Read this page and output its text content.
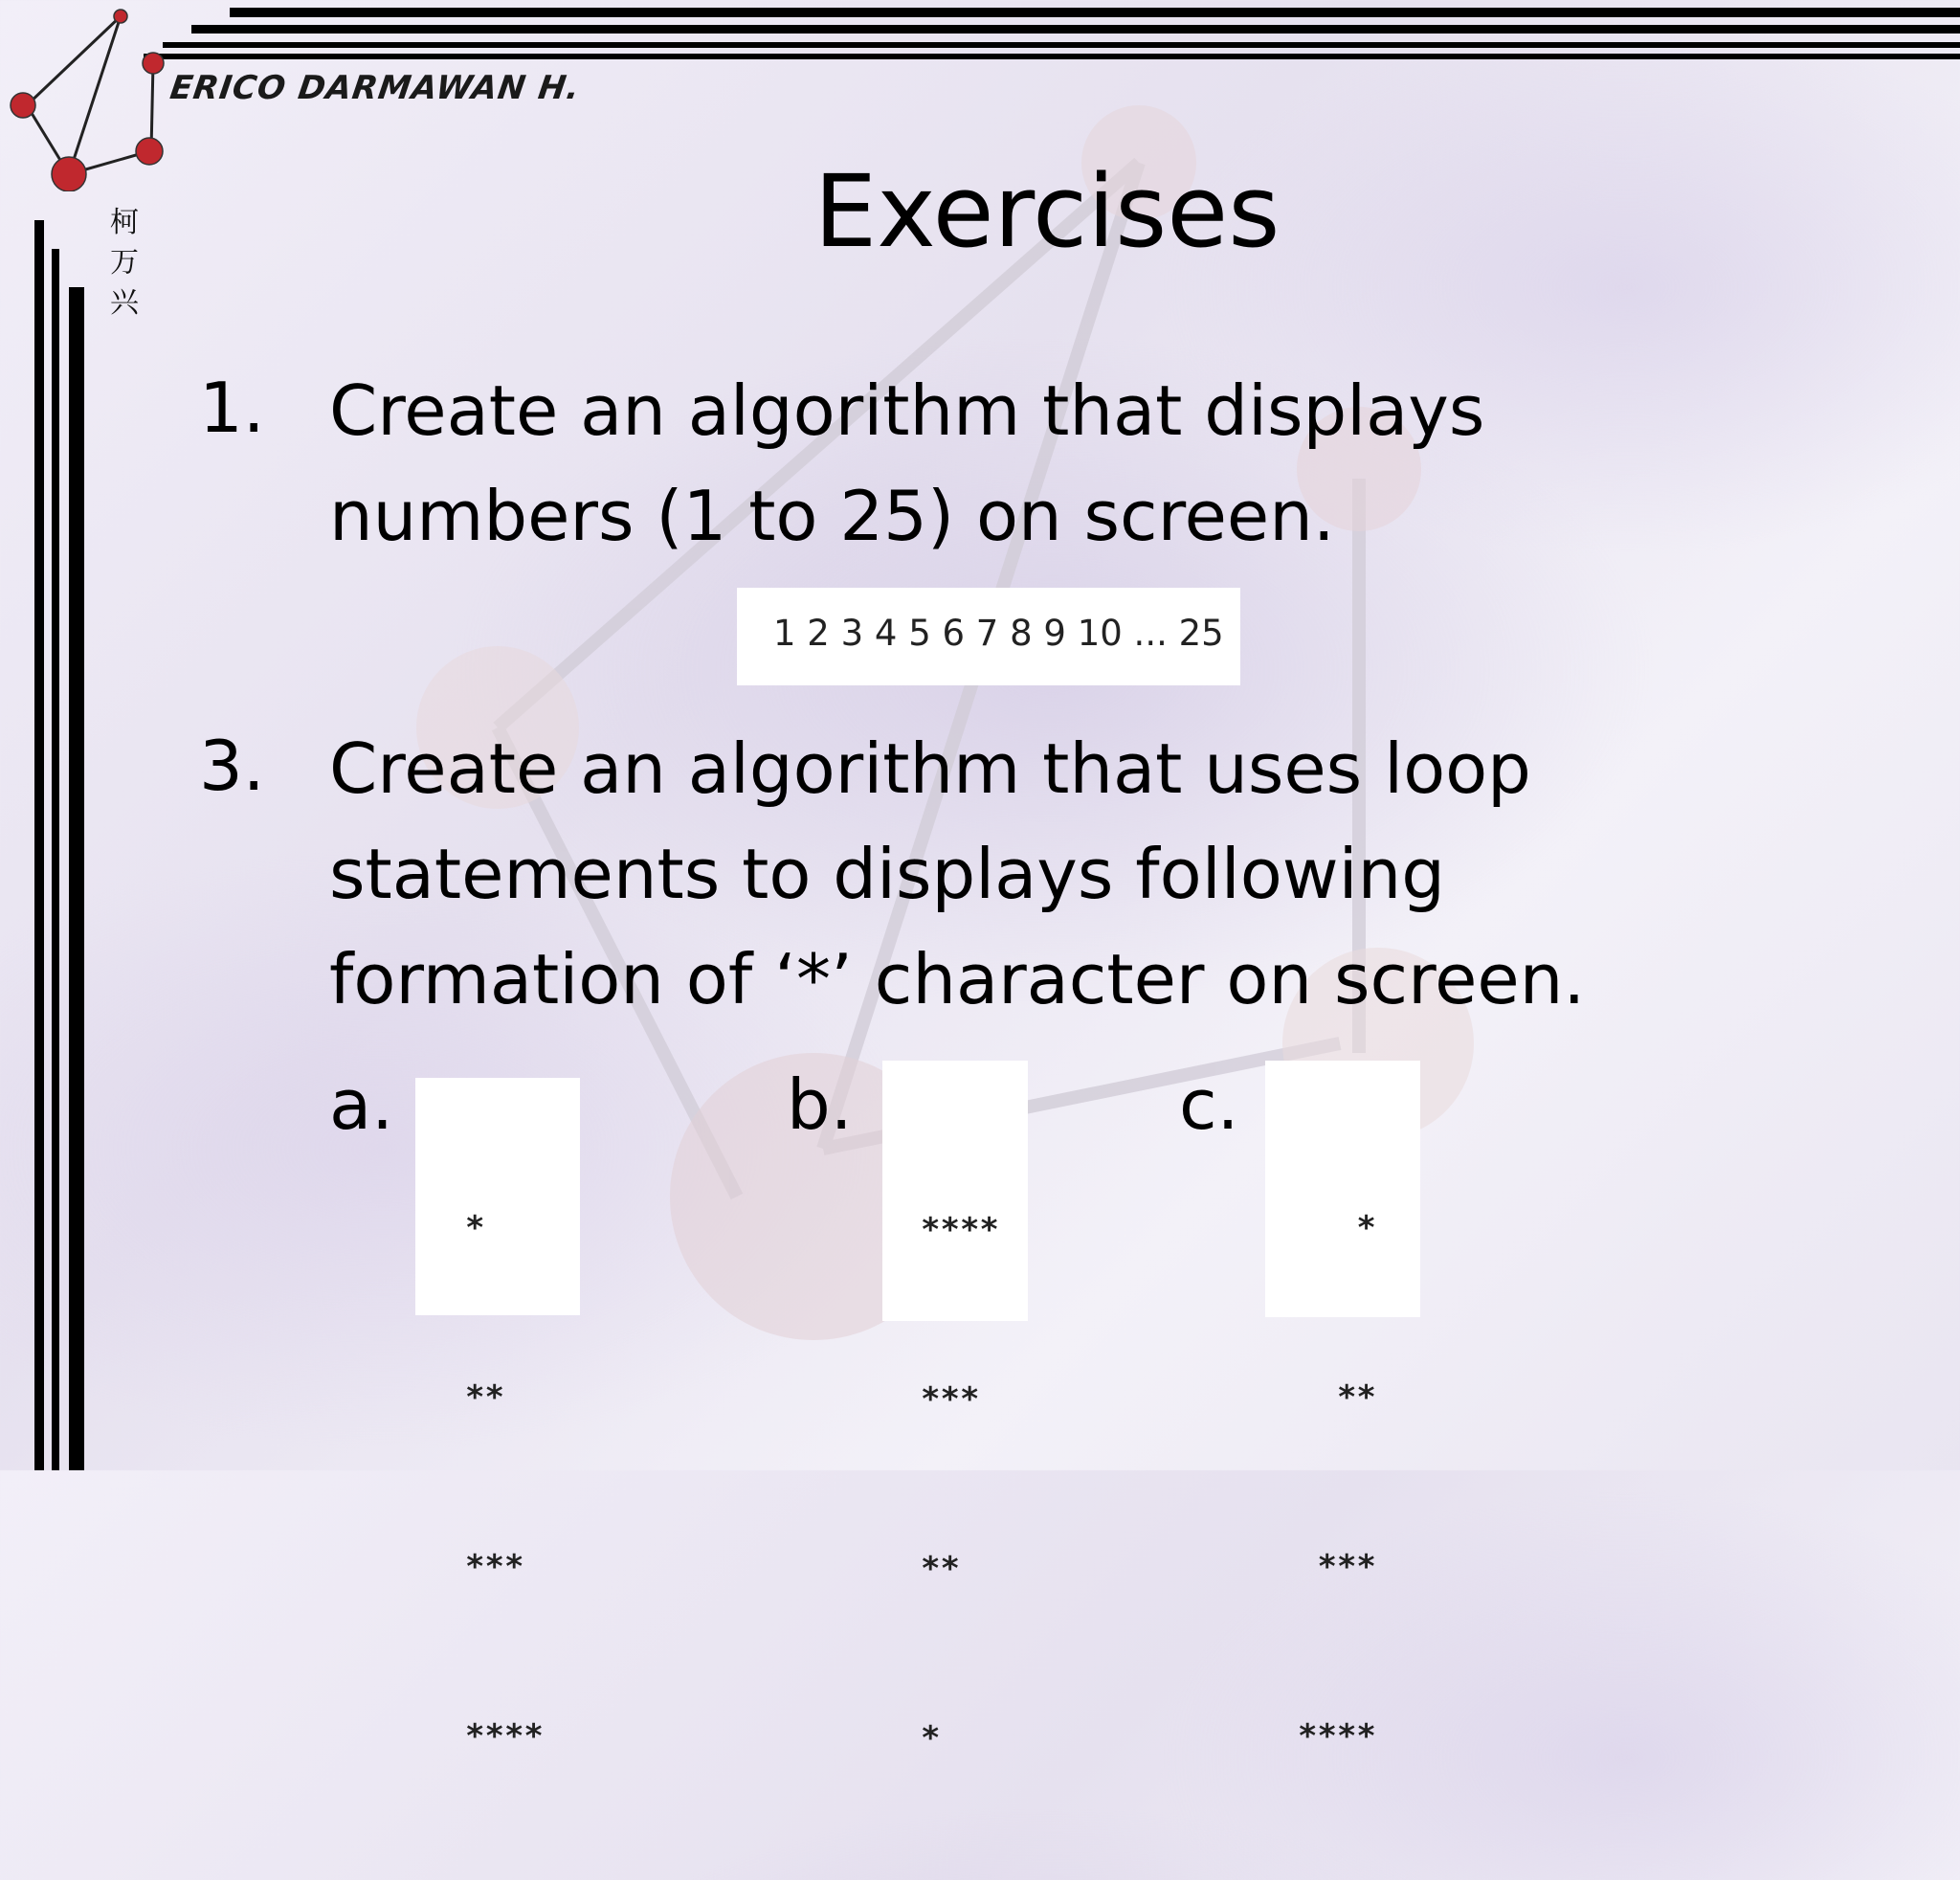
ERICO DARMAWAN H.
柯
万
兴
Exercises
1. Create an algorithm that displays
numbers (1 to 25) on screen.
1 2 3 4 5 6 7 8 9 10 ... 25
3. Create an algorithm that uses loop
statements to displays following
formation of ‘*’ character on screen.
a.

*

**

***

****

b.

****

***

**

*

c.

*

**

***

****
